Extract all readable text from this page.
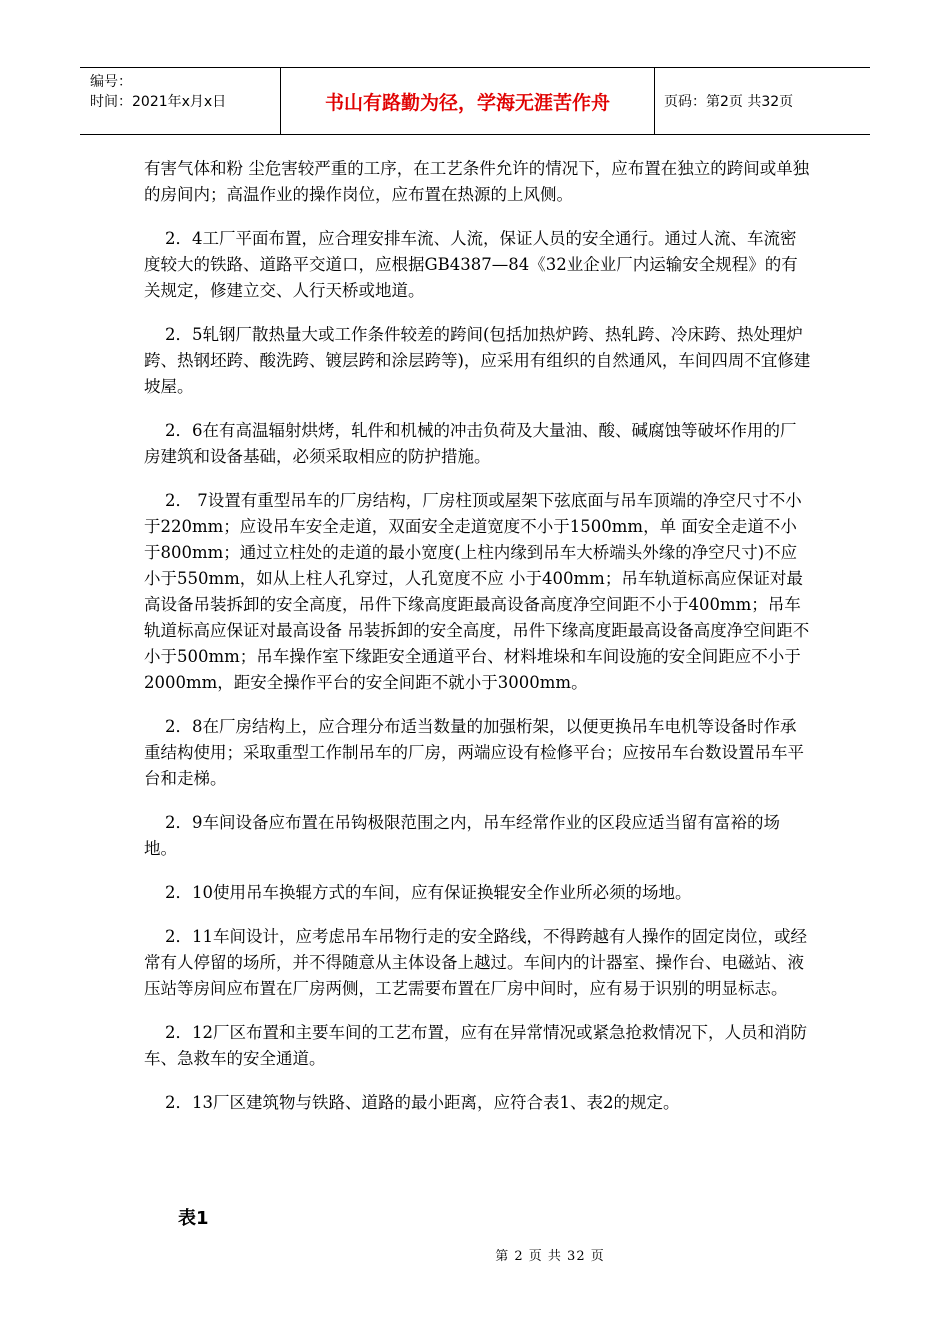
编号：
时间：2021年x月x日	书山有路勤为径，学海无涯苦作舟	页码：第2页 共32页

有害气体和粉 尘危害较严重的工序，在工艺条件允许的情况下，应布置在独立的跨间或单独的房间内；高温作业的操作岗位，应布置在热源的上风侧。

2．4工厂平面布置，应合理安排车流、人流，保证人员的安全通行。通过人流、车流密度较大的铁路、道路平交道口，应根据GB4387—84《32业企业厂内运输安全规程》的有关规定，修建立交、人行天桥或地道。

2．5轧钢厂散热量大或工作条件较差的跨间(包括加热炉跨、热轧跨、冷床跨、热处理炉跨、热钢坯跨、酸洗跨、镀层跨和涂层跨等)，应采用有组织的自然通风，车间四周不宜修建坡屋。

2．6在有高温辐射烘烤，轧件和机械的冲击负荷及大量油、酸、碱腐蚀等破坏作用的厂房建筑和设备基础，必须采取相应的防护措施。

2． 7设置有重型吊车的厂房结构，厂房柱顶或屋架下弦底面与吊车顶端的净空尺寸不小于220mm；应设吊车安全走道，双面安全走道宽度不小于1500mm，单 面安全走道不小于800mm；通过立柱处的走道的最小宽度(上柱内缘到吊车大桥端头外缘的净空尺寸)不应小于550mm，如从上柱人孔穿过，人孔宽度不应 小于400mm；吊车轨道标高应保证对最高设备吊装拆卸的安全高度，吊件下缘高度距最高设备高度净空间距不小于400mm；吊车轨道标高应保证对最高设备 吊装拆卸的安全高度，吊件下缘高度距最高设备高度净空间距不小于500mm；吊车操作室下缘距安全通道平台、材料堆垛和车间设施的安全间距应不小于 2000mm，距安全操作平台的安全间距不就小于3000mm。

2．8在厂房结构上，应合理分布适当数量的加强桁架，以便更换吊车电机等设备时作承重结构使用；采取重型工作制吊车的厂房，两端应设有检修平台；应按吊车台数设置吊车平台和走梯。

2．9车间设备应布置在吊钩极限范围之内，吊车经常作业的区段应适当留有富裕的场地。

2．10使用吊车换辊方式的车间，应有保证换辊安全作业所必须的场地。

2．11车间设计，应考虑吊车吊物行走的安全路线，不得跨越有人操作的固定岗位，或经常有人停留的场所，并不得随意从主体设备上越过。车间内的计器室、操作台、电磁站、液压站等房间应布置在厂房两侧，工艺需要布置在厂房中间时，应有易于识别的明显标志。

2．12厂区布置和主要车间的工艺布置，应有在异常情况或紧急抢救情况下，人员和消防车、急救车的安全通道。

2．13厂区建筑物与铁路、道路的最小距离，应符合表1、表2的规定。

表1
第 2 页 共 32 页
